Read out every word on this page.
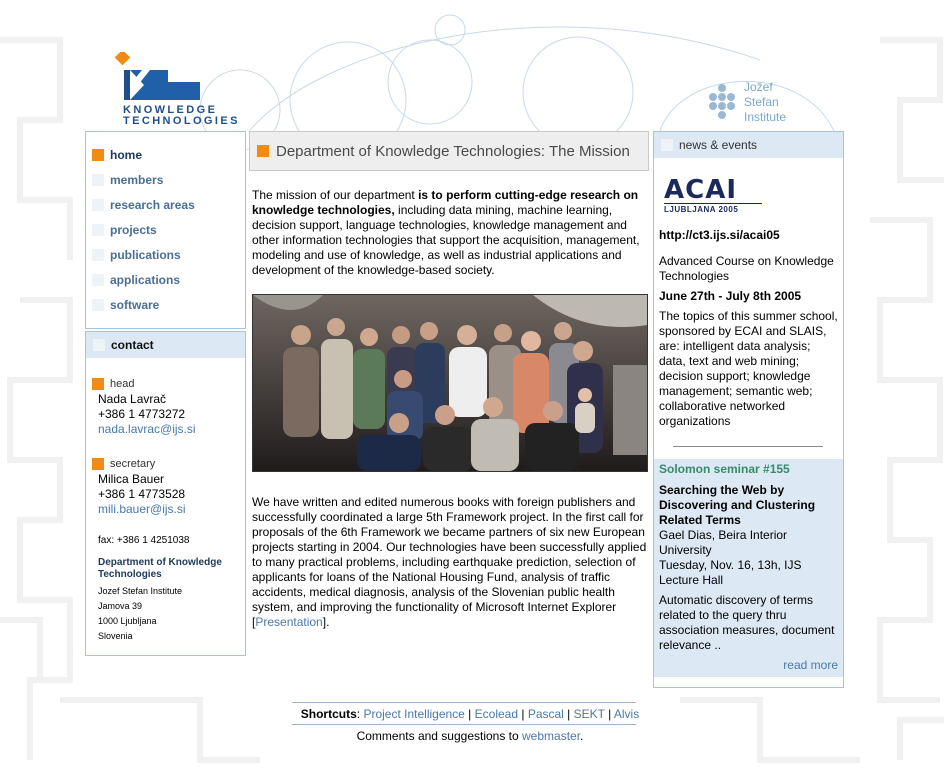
KNOWLEDGE
TECHNOLOGIES
Jožef
Stefan
Institute
home
members
research areas
projects
publications
applications
software
contact
head
Nada Lavrač
+386 1 4773272
nada.lavrac@ijs.si
secretary
Milica Bauer
+386 1 4773528
mili.bauer@ijs.si
fax: +386 1 4251038
Department of Knowledge
Technologies
Jozef Stefan Institute
Jamova 39
1000 Ljubljana
Slovenia
Department of Knowledge Technologies: The Mission
The mission of our department is to perform cutting-edge research on knowledge technologies, including data mining, machine learning, decision support, language technologies, knowledge management and other information technologies that support the acquisition, management, modeling and use of knowledge, as well as industrial applications and development of the knowledge-based society.
We have written and edited numerous books with foreign publishers and successfully coordinated a large 5th Framework project. In the first call for proposals of the 6th Framework we became partners of six new European projects starting in 2004. Our technologies have been successfully applied to many practical problems, including earthquake prediction, selection of applicants for loans of the National Housing Fund, analysis of traffic accidents, medical diagnosis, analysis of the Slovenian public health system, and improving the functionality of Microsoft Internet Explorer [Presentation].
news & events
ACAI
LJUBLJANA 2005
http://ct3.ijs.si/acai05
Advanced Course on Knowledge Technologies
June 27th - July 8th 2005
The topics of this summer school, sponsored by ECAI and SLAIS, are: intelligent data analysis; data, text and web mining; decision support; knowledge management; semantic web; collaborative networked organizations
Solomon seminar #155
Searching the Web by Discovering and Clustering Related Terms
Gael Dias, Beira Interior University
Tuesday, Nov. 16, 13h, IJS Lecture Hall
Automatic discovery of terms related to the query thru association measures, document relevance ..
read more
Shortcuts: Project Intelligence | Ecolead | Pascal | SEKT | Alvis
Comments and suggestions to webmaster.
